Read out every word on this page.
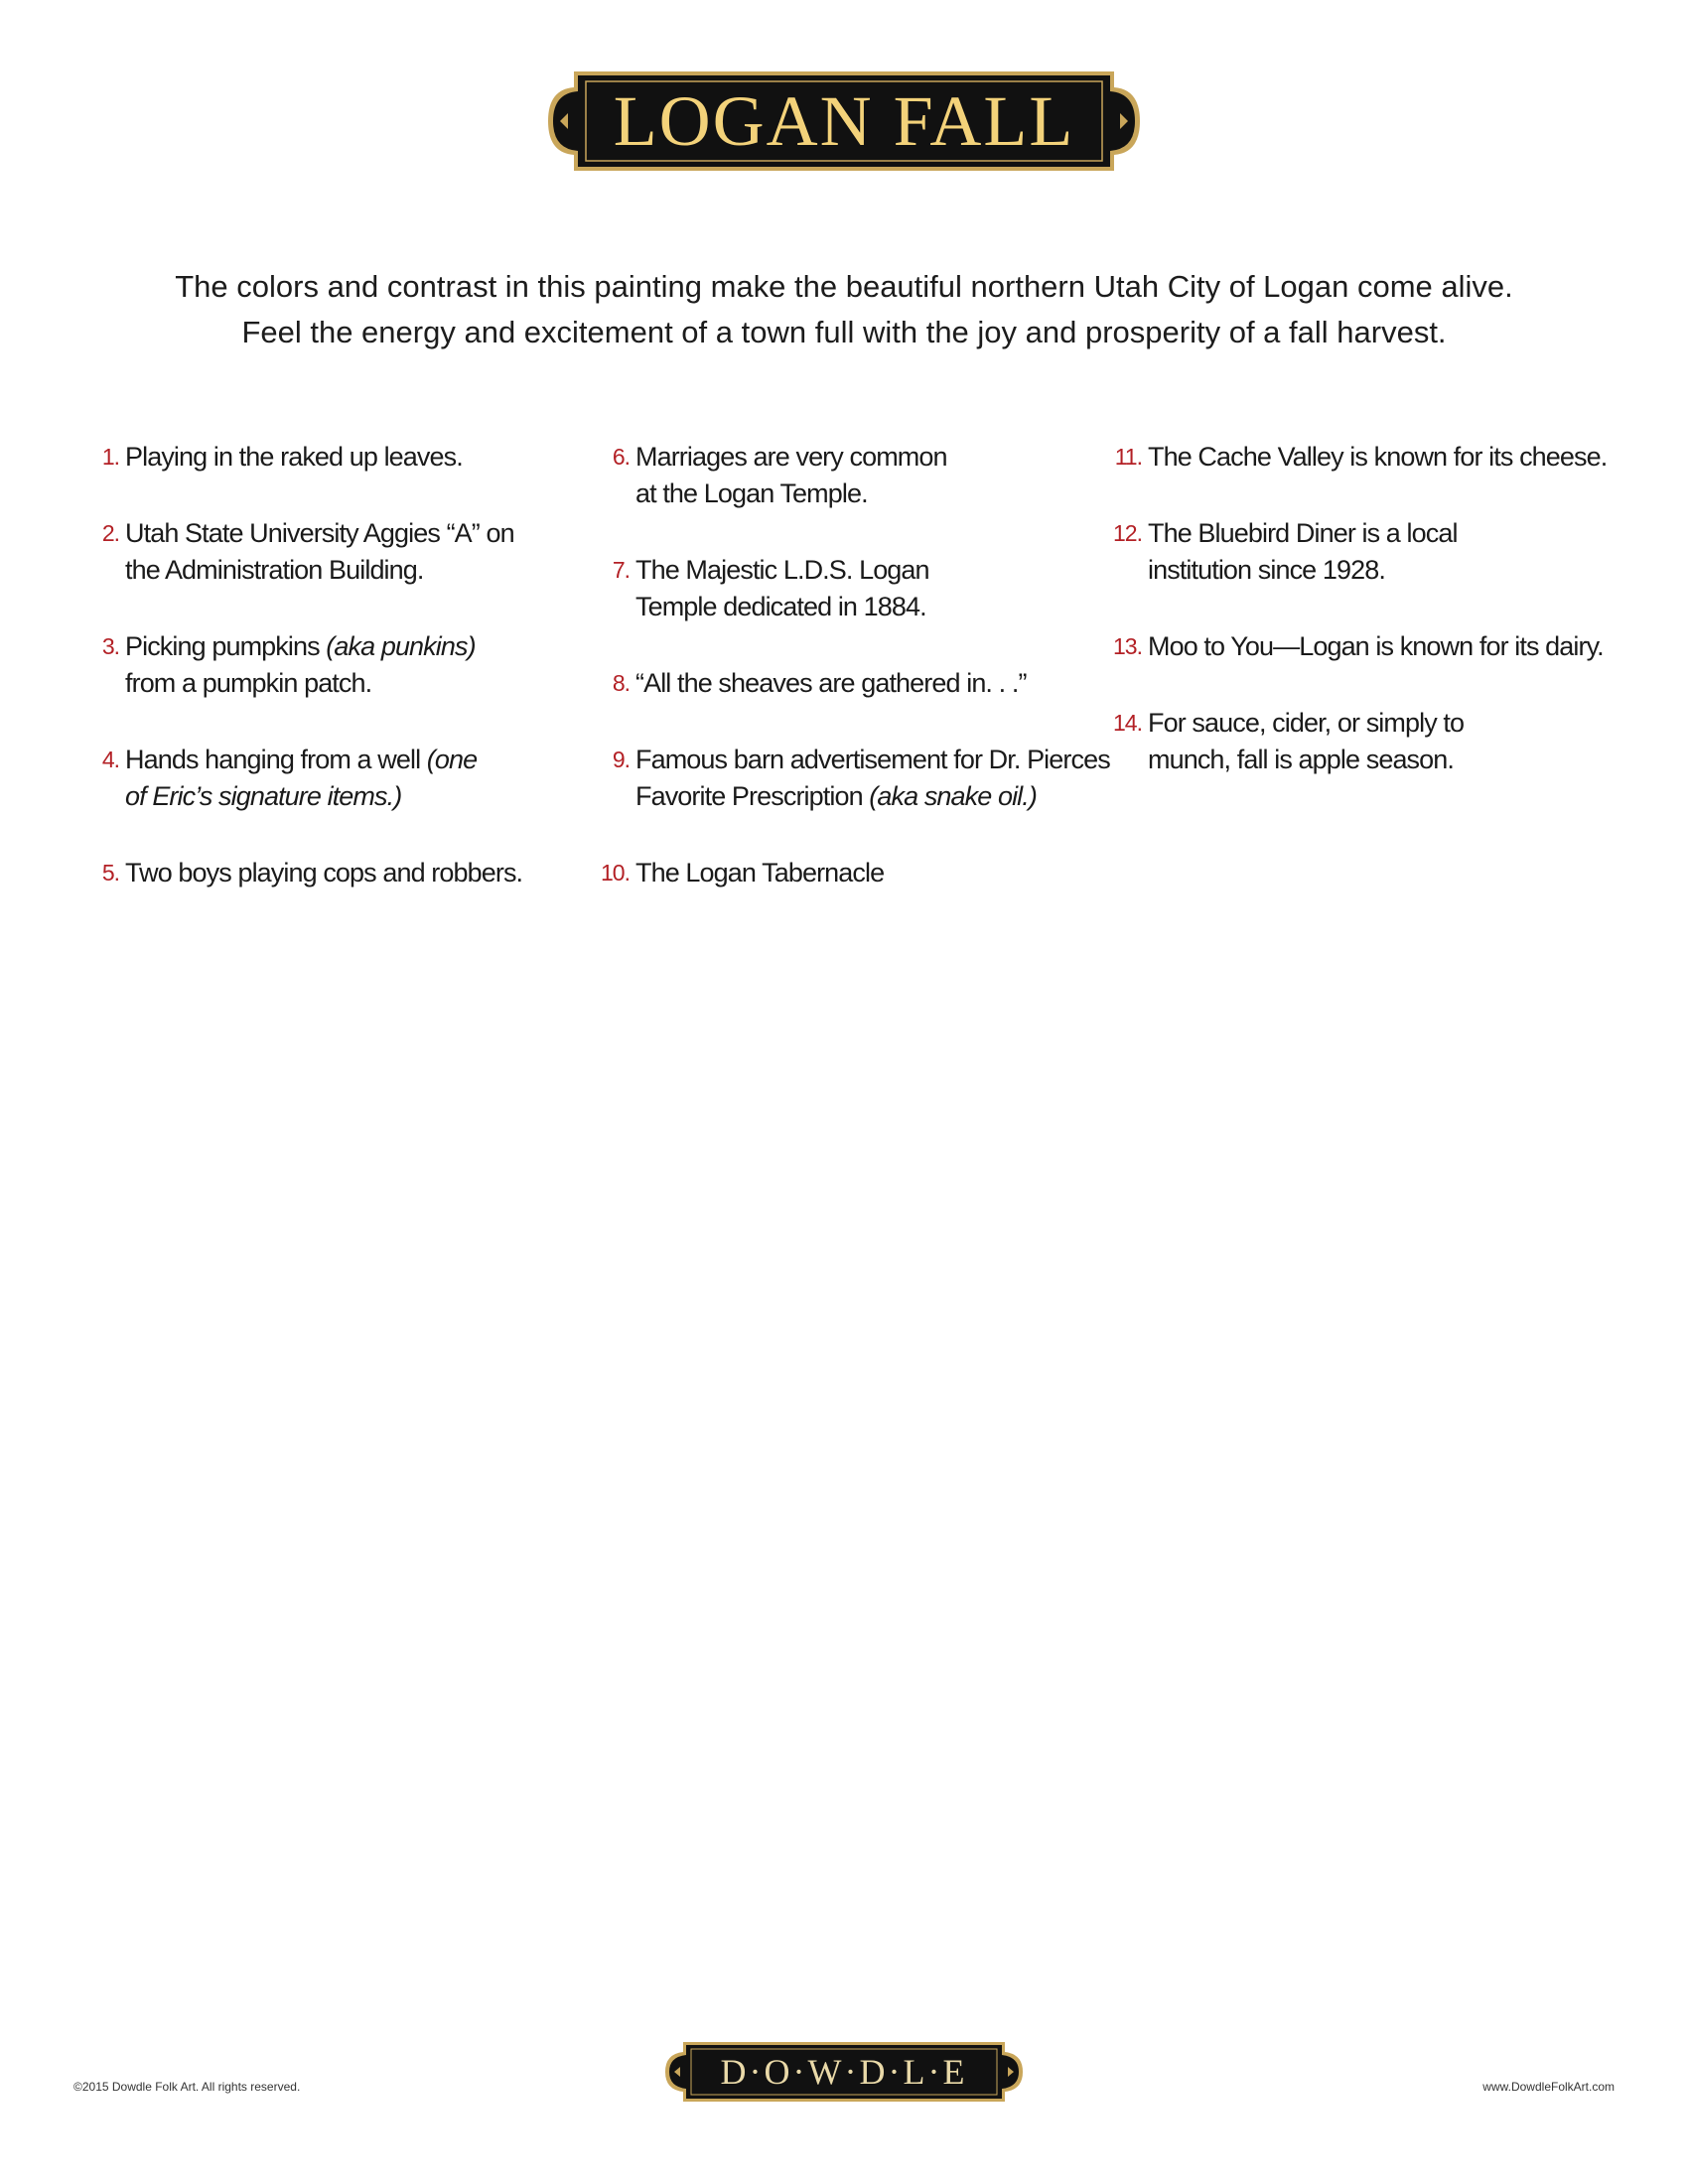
LOGAN FALL
The colors and contrast in this painting make the beautiful northern Utah City of Logan come alive.
Feel the energy and excitement of a town full with the joy and prosperity of a fall harvest.
1. Playing in the raked up leaves.
2. Utah State University Aggies “A” on
the Administration Building.
3. Picking pumpkins (aka punkins)
from a pumpkin patch.
4. Hands hanging from a well (one
of Eric’s signature items.)
5. Two boys playing cops and robbers.
6. Marriages are very common
at the Logan Temple.
7. The Majestic L.D.S. Logan
Temple dedicated in 1884.
8. “All the sheaves are gathered in. . .”
9. Famous barn advertisement for Dr. Pierces
Favorite Prescription (aka snake oil.)
10. The Logan Tabernacle
11. The Cache Valley is known for its cheese.
12. The Bluebird Diner is a local
institution since 1928.
13. Moo to You—Logan is known for its dairy.
14. For sauce, cider, or simply to
munch, fall is apple season.
©2015 Dowdle Folk Art. All rights reserved.	D·O·W·D·L·E	www.DowdleFolkArt.com
